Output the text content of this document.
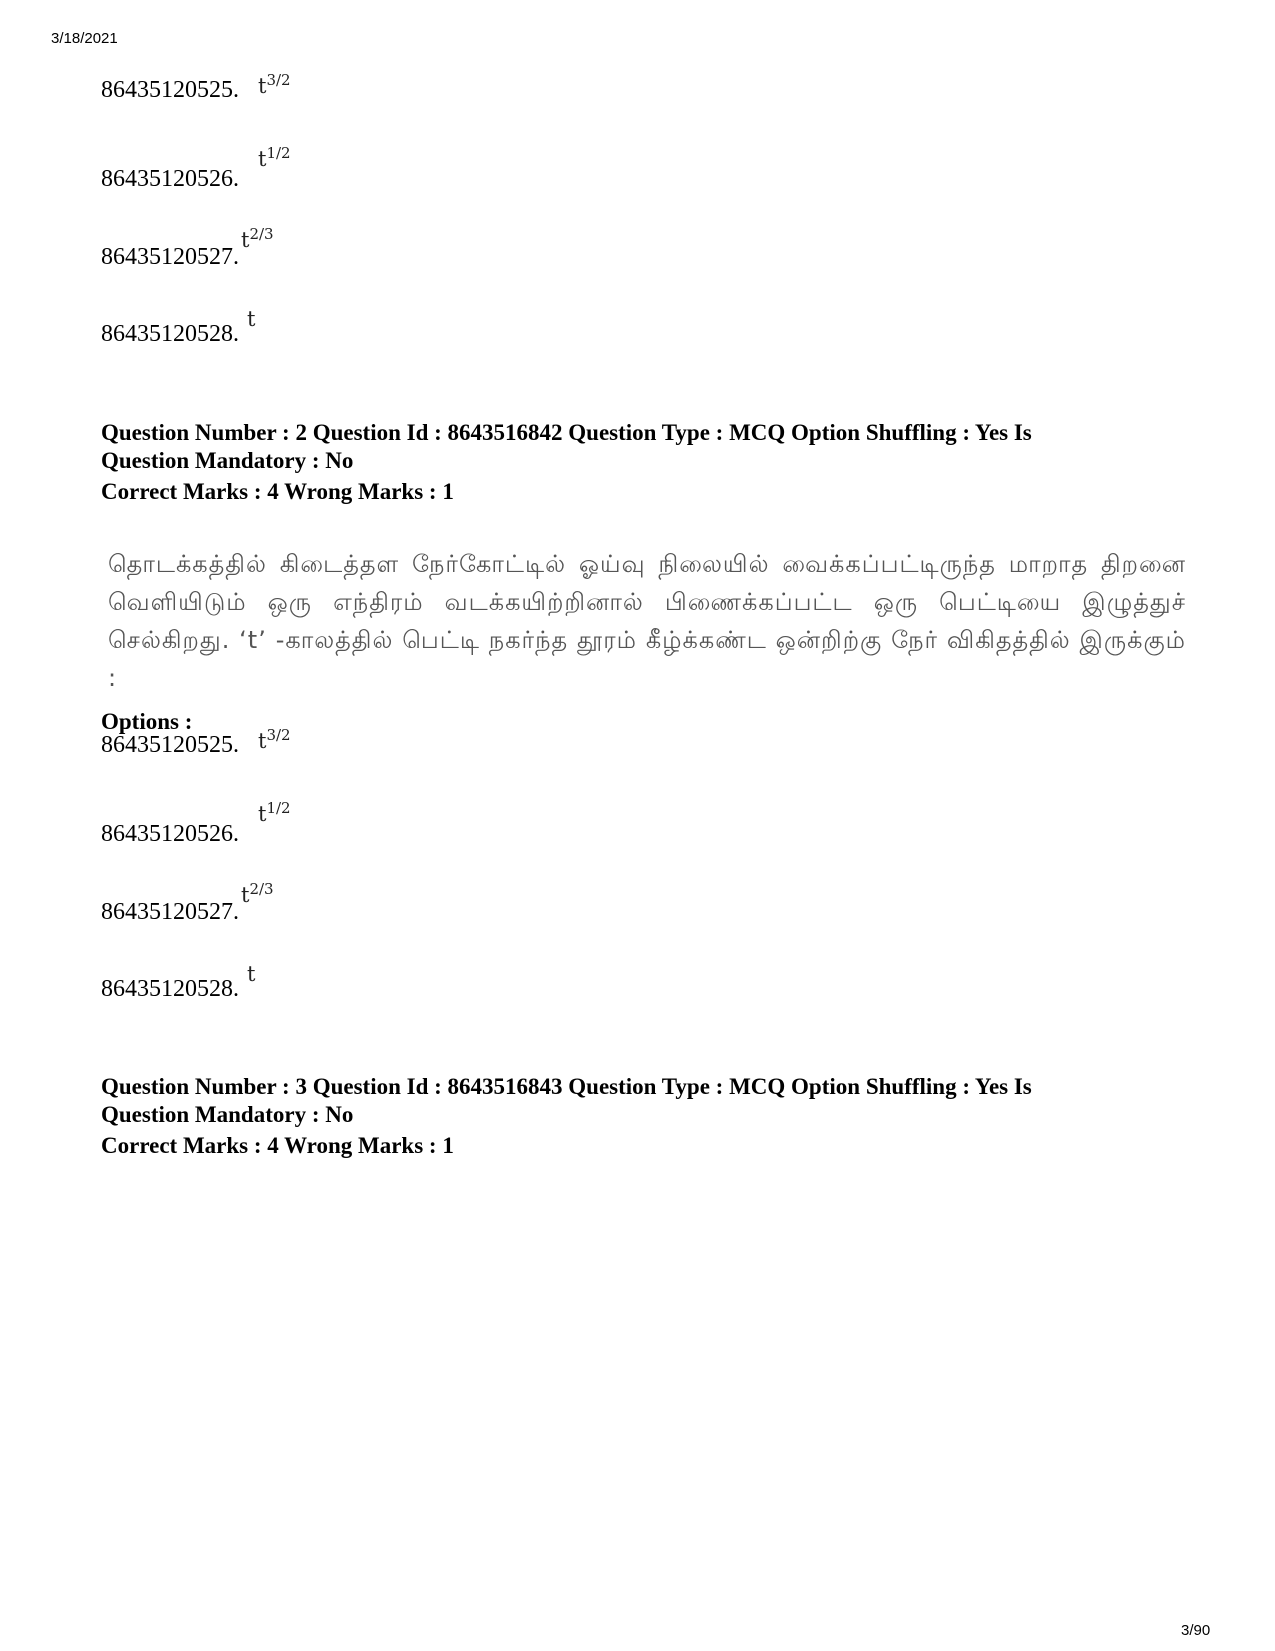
3/18/2021
86435120525. $t^{3/2}$
86435120526.
$t^{1/2}$
86435120527.
$t^{2/3}$
86435120528.
t
Question Number : 2 Question Id : 8643516842 Question Type : MCQ Option Shuffling : Yes Is
Question Mandatory : No
Correct Marks : 4 Wrong Marks : 1
தொடக்கத்தில் கிடைத்தள நேர்கோட்டில் ஓய்வு நிலையில் வைக்கப்பட்டிருந்த மாறாத திறனை வெளியிடும் ஒரு எந்திரம் வடக்கயிற்றினால் பிணைக்கப்பட்ட ஒரு பெட்டியை இழுத்துச் செல்கிறது. ‘t’ -காலத்தில் பெட்டி நகர்ந்த தூரம் கீழ்க்கண்ட ஒன்றிற்கு நேர் விகிதத்தில் இருக்கும் :
Options :
86435120525. $t^{3/2}$
86435120526.
$t^{1/2}$
86435120527.
$t^{2/3}$
86435120528.
t
Question Number : 3 Question Id : 8643516843 Question Type : MCQ Option Shuffling : Yes Is
Question Mandatory : No
Correct Marks : 4 Wrong Marks : 1
3/90
